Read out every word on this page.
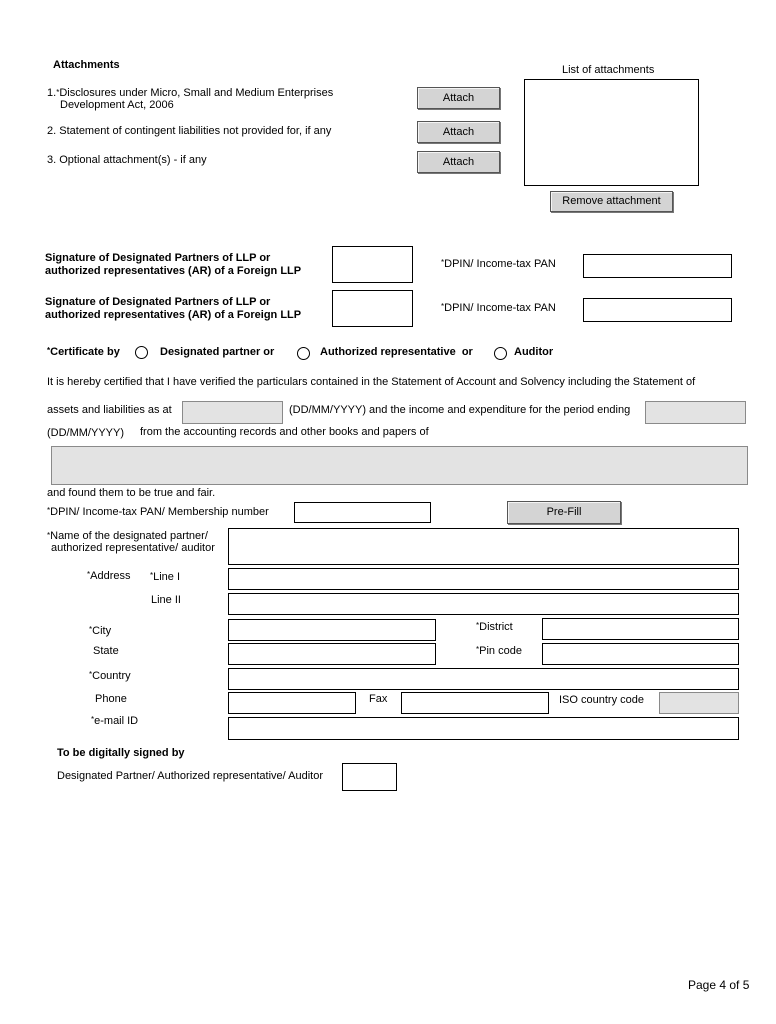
Attachments	List of attachments
1.*Disclosures under Micro, Small and Medium Enterprises
Development Act, 2006
Attach
2. Statement of contingent liabilities not provided for, if any	Attach
3. Optional attachment(s) - if any	Attach
Remove attachment
Signature of Designated Partners of LLP or
authorized representatives (AR) of a Foreign LLP
*DPIN/ Income-tax PAN
Signature of Designated Partners of LLP or
authorized representatives (AR) of a Foreign LLP
*DPIN/ Income-tax PAN
*Certificate by	Designated partner or	Authorized representative  or	Auditor
It is hereby certified that I have verified the particulars contained in the Statement of Account and Solvency including the Statement of
assets and liabilities as at	(DD/MM/YYYY) and the income and expenditure for the period ending
(DD/MM/YYYY) from the accounting records and other books and papers of
and found them to be true and fair.
*DPIN/ Income-tax PAN/ Membership number	Pre-Fill
*Name of the designated partner/
authorized representative/ auditor
*Address *Line I
Line II
*City	*District
State	*Pin code
*Country
Phone	Fax	ISO country code
*e-mail ID
To be digitally signed by
Designated Partner/ Authorized representative/ Auditor
Page 4 of 5
